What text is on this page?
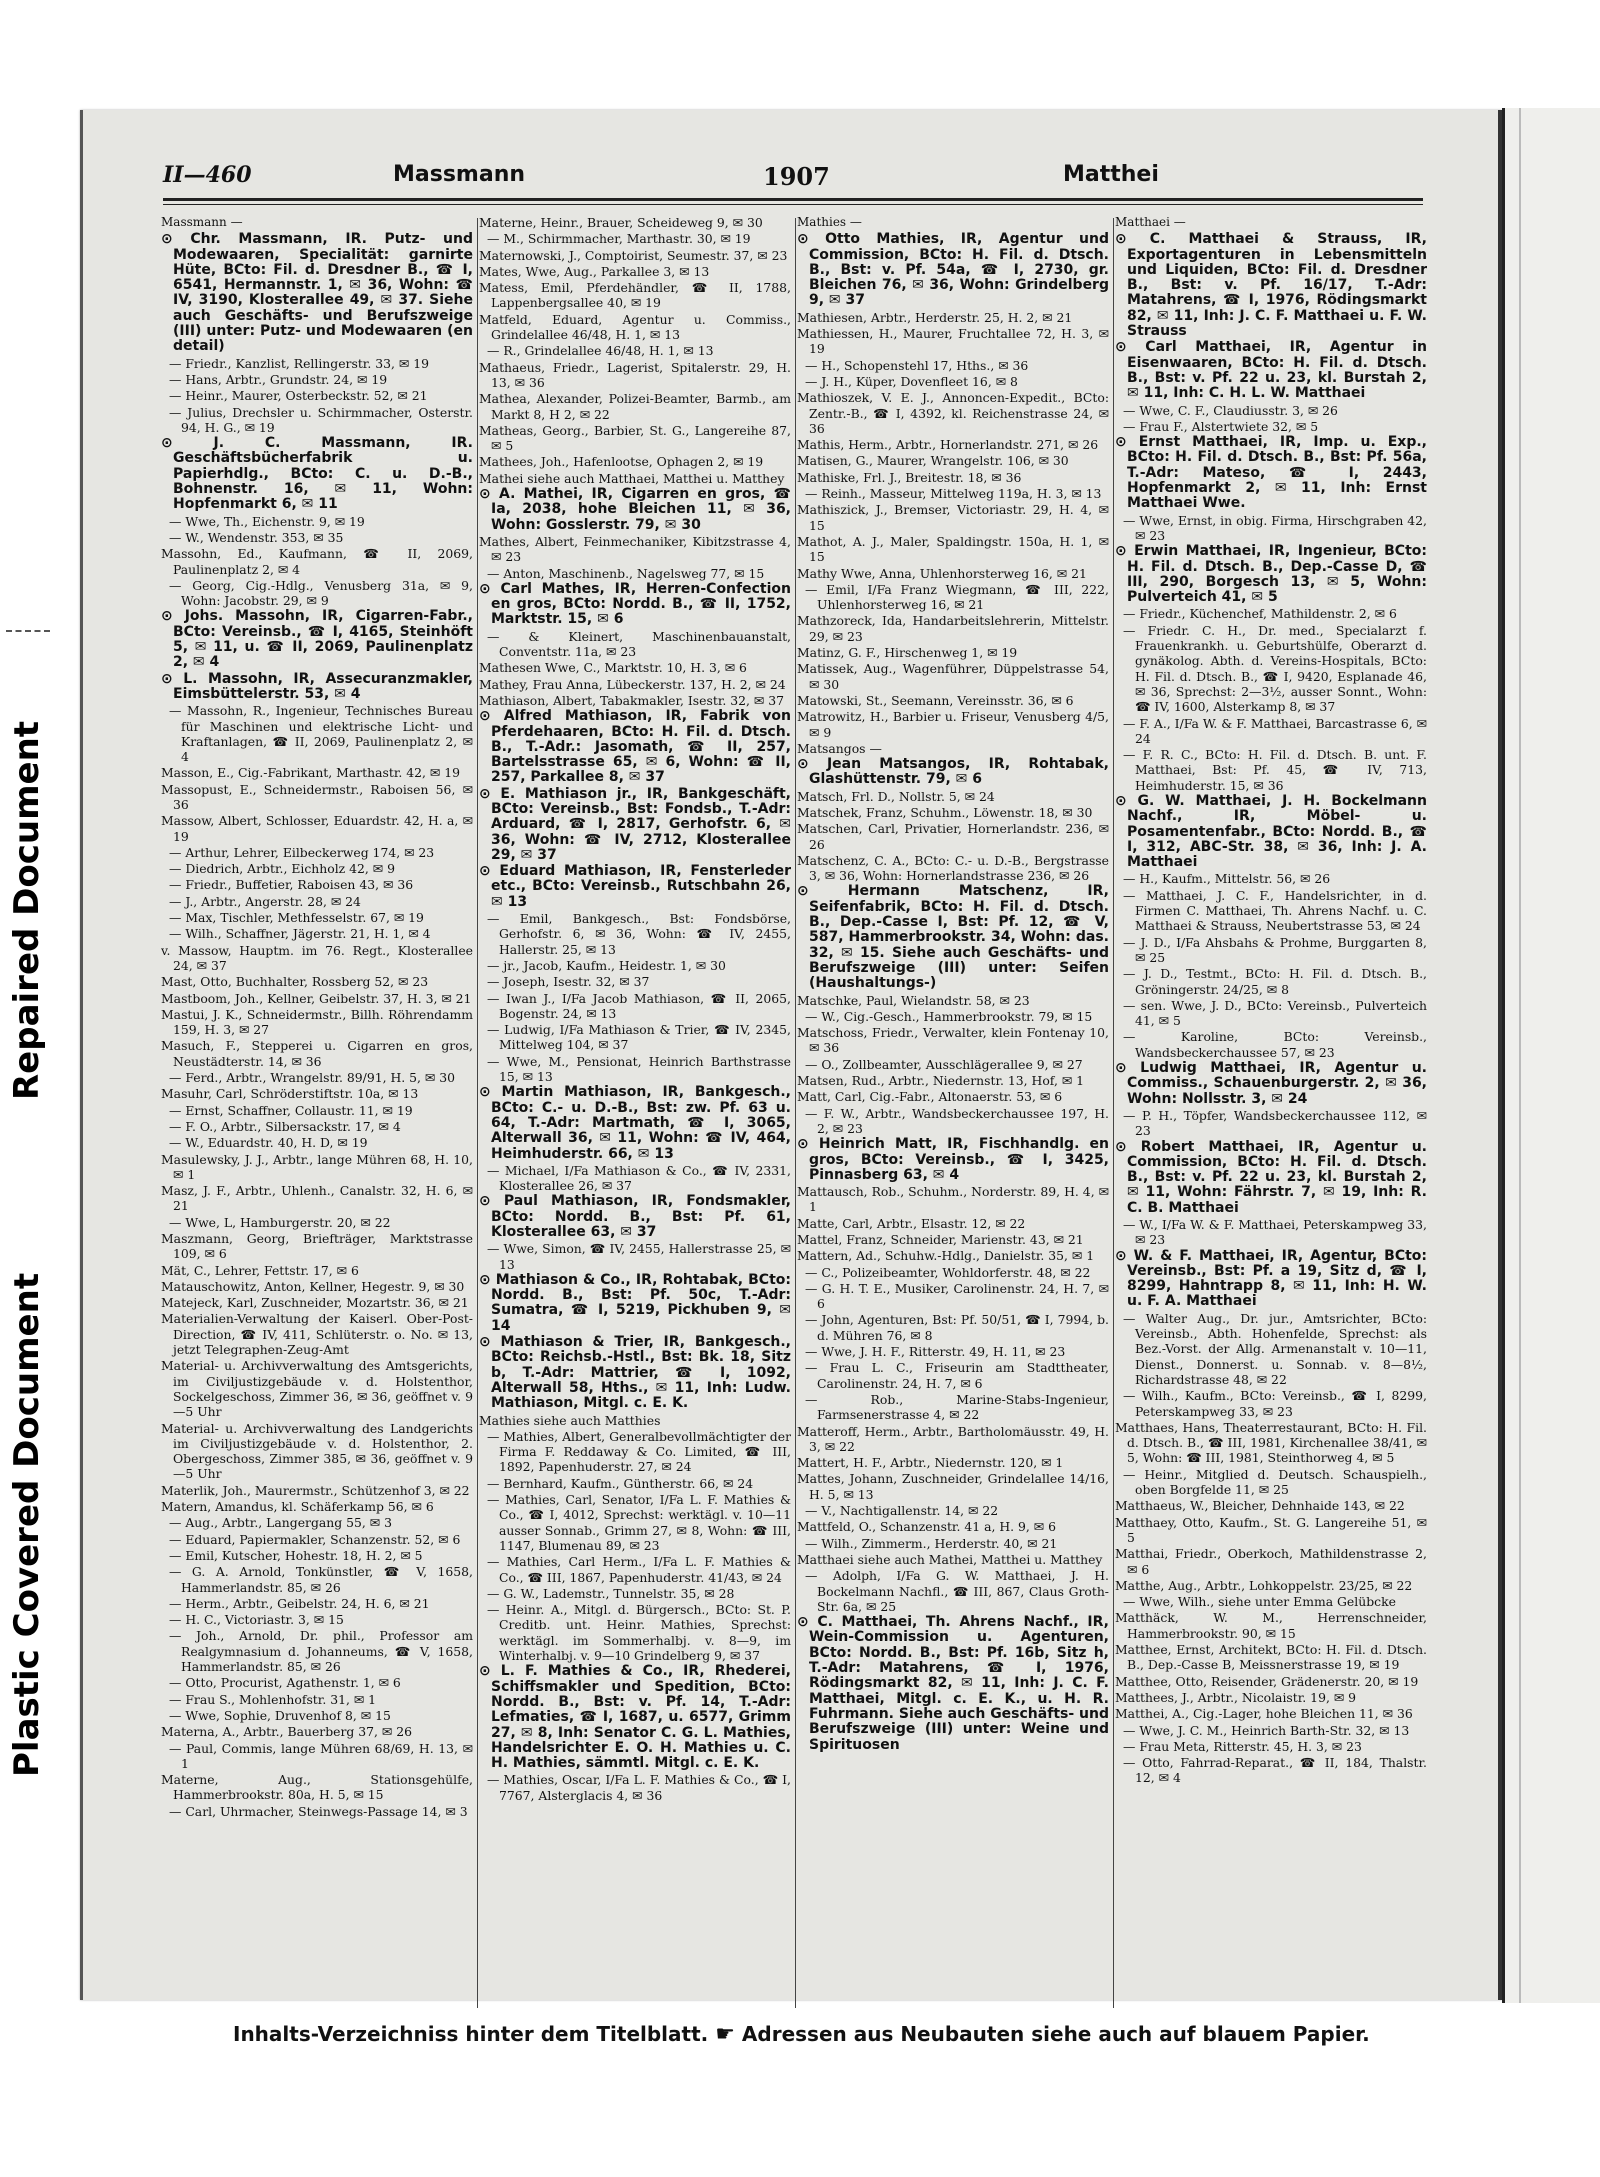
Repaired Document
Plastic Covered Document
II—460	Massmann	1907	Matthei
Massmann —
⊙ Chr. Massmann, IR. Putz- und Modewaaren, Specialität: garnirte Hüte, BCto: Fil. d. Dresdner B., ☎ I, 6541, Hermannstr. 1, ✉ 36, Wohn: ☎ IV, 3190, Klosterallee 49, ✉ 37. Siehe auch Geschäfts- und Berufszweige (III) unter: Putz- und Modewaaren (en detail)
— Friedr., Kanzlist, Rellingerstr. 33, ✉ 19
— Hans, Arbtr., Grundstr. 24, ✉ 19
— Heinr., Maurer, Osterbeckstr. 52, ✉ 21
— Julius, Drechsler u. Schirmmacher, Osterstr. 94, H. G., ✉ 19
⊙ J. C. Massmann, IR. Geschäftsbücherfabrik u. Papierhdlg., BCto: C. u. D.-B., Bohnenstr. 16, ✉ 11, Wohn: Hopfenmarkt 6, ✉ 11
— Wwe, Th., Eichenstr. 9, ✉ 19
— W., Wendenstr. 353, ✉ 35
Massohn, Ed., Kaufmann, ☎ II, 2069, Paulinenplatz 2, ✉ 4
— Georg, Cig.-Hdlg., Venusberg 31a, ✉ 9, Wohn: Jacobstr. 29, ✉ 9
⊙ Johs. Massohn, IR, Cigarren-Fabr., BCto: Vereinsb., ☎ I, 4165, Steinhöft 5, ✉ 11, u. ☎ II, 2069, Paulinenplatz 2, ✉ 4
⊙ L. Massohn, IR, Assecuranzmakler, Eimsbüttelerstr. 53, ✉ 4
— Massohn, R., Ingenieur, Technisches Bureau für Maschinen und elektrische Licht- und Kraftanlagen, ☎ II, 2069, Paulinenplatz 2, ✉ 4
Masson, E., Cig.-Fabrikant, Marthastr. 42, ✉ 19
Massopust, E., Schneidermstr., Raboisen 56, ✉ 36
Massow, Albert, Schlosser, Eduardstr. 42, H. a, ✉ 19
— Arthur, Lehrer, Eilbeckerweg 174, ✉ 23
— Diedrich, Arbtr., Eichholz 42, ✉ 9
— Friedr., Buffetier, Raboisen 43, ✉ 36
— J., Arbtr., Angerstr. 28, ✉ 24
— Max, Tischler, Methfesselstr. 67, ✉ 19
— Wilh., Schaffner, Jägerstr. 21, H. 1, ✉ 4
v. Massow, Hauptm. im 76. Regt., Klosterallee 24, ✉ 37
Mast, Otto, Buchhalter, Rossberg 52, ✉ 23
Mastboom, Joh., Kellner, Geibelstr. 37, H. 3, ✉ 21
Mastui, J. K., Schneidermstr., Billh. Röhrendamm 159, H. 3, ✉ 27
Masuch, F., Stepperei u. Cigarren en gros, Neustädterstr. 14, ✉ 36
— Ferd., Arbtr., Wrangelstr. 89/91, H. 5, ✉ 30
Masuhr, Carl, Schröderstiftstr. 10a, ✉ 13
— Ernst, Schaffner, Collaustr. 11, ✉ 19
— F. O., Arbtr., Silbersackstr. 17, ✉ 4
— W., Eduardstr. 40, H. D, ✉ 19
Masulewsky, J. J., Arbtr., lange Mühren 68, H. 10, ✉ 1
Masz, J. F., Arbtr., Uhlenh., Canalstr. 32, H. 6, ✉ 21
— Wwe, L, Hamburgerstr. 20, ✉ 22
Maszmann, Georg, Briefträger, Marktstrasse 109, ✉ 6
Mät, C., Lehrer, Fettstr. 17, ✉ 6
Matauschowitz, Anton, Kellner, Hegestr. 9, ✉ 30
Matejeck, Karl, Zuschneider, Mozartstr. 36, ✉ 21
Materialien-Verwaltung der Kaiserl. Ober-Post-Direction, ☎ IV, 411, Schlüterstr. o. No. ✉ 13, jetzt Telegraphen-Zeug-Amt
Material- u. Archivverwaltung des Amtsgerichts, im Civiljustizgebäude v. d. Holstenthor, Sockelgeschoss, Zimmer 36, ✉ 36, geöffnet v. 9—5 Uhr
Material- u. Archivverwaltung des Landgerichts im Civiljustizgebäude v. d. Holstenthor, 2. Obergeschoss, Zimmer 385, ✉ 36, geöffnet v. 9—5 Uhr
Materlik, Joh., Maurermstr., Schützenhof 3, ✉ 22
Matern, Amandus, kl. Schäferkamp 56, ✉ 6
— Aug., Arbtr., Langergang 55, ✉ 3
— Eduard, Papiermakler, Schanzenstr. 52, ✉ 6
— Emil, Kutscher, Hohestr. 18, H. 2, ✉ 5
— G. A. Arnold, Tonkünstler, ☎ V, 1658, Hammerlandstr. 85, ✉ 26
— Herm., Arbtr., Geibelstr. 24, H. 6, ✉ 21
— H. C., Victoriastr. 3, ✉ 15
— Joh., Arnold, Dr. phil., Professor am Realgymnasium d. Johanneums, ☎ V, 1658, Hammerlandstr. 85, ✉ 26
— Otto, Procurist, Agathenstr. 1, ✉ 6
— Frau S., Mohlenhofstr. 31, ✉ 1
— Wwe, Sophie, Druvenhof 8, ✉ 15
Materna, A., Arbtr., Bauerberg 37, ✉ 26
— Paul, Commis, lange Mühren 68/69, H. 13, ✉ 1
Materne, Aug., Stationsgehülfe, Hammerbrookstr. 80a, H. 5, ✉ 15
— Carl, Uhrmacher, Steinwegs-Passage 14, ✉ 3
Materne, Heinr., Brauer, Scheideweg 9, ✉ 30
— M., Schirmmacher, Marthastr. 30, ✉ 19
Maternowski, J., Comptoirist, Seumestr. 37, ✉ 23
Mates, Wwe, Aug., Parkallee 3, ✉ 13
Matess, Emil, Pferdehändler, ☎ II, 1788, Lappenbergsallee 40, ✉ 19
Matfeld, Eduard, Agentur u. Commiss., Grindelallee 46/48, H. 1, ✉ 13
— R., Grindelallee 46/48, H. 1, ✉ 13
Mathaeus, Friedr., Lagerist, Spitalerstr. 29, H. 13, ✉ 36
Mathea, Alexander, Polizei-Beamter, Barmb., am Markt 8, H 2, ✉ 22
Matheas, Georg., Barbier, St. G., Langereihe 87, ✉ 5
Mathees, Joh., Hafenlootse, Ophagen 2, ✉ 19
Mathei siehe auch Matthaei, Matthei u. Matthey
⊙ A. Mathei, IR, Cigarren en gros, ☎ Ia, 2038, hohe Bleichen 11, ✉ 36, Wohn: Gosslerstr. 79, ✉ 30
Mathes, Albert, Feinmechaniker, Kibitzstrasse 4, ✉ 23
— Anton, Maschinenb., Nagelsweg 77, ✉ 15
⊙ Carl Mathes, IR, Herren-Confection en gros, BCto: Nordd. B., ☎ II, 1752, Marktstr. 15, ✉ 6
— & Kleinert, Maschinenbauanstalt, Conventstr. 11a, ✉ 23
Mathesen Wwe, C., Marktstr. 10, H. 3, ✉ 6
Mathey, Frau Anna, Lübeckerstr. 137, H. 2, ✉ 24
Mathiason, Albert, Tabakmakler, Isestr. 32, ✉ 37
⊙ Alfred Mathiason, IR, Fabrik von Pferdehaaren, BCto: H. Fil. d. Dtsch. B., T.-Adr.: Jasomath, ☎ II, 257, Bartelsstrasse 65, ✉ 6, Wohn: ☎ II, 257, Parkallee 8, ✉ 37
⊙ E. Mathiason jr., IR, Bankgeschäft, BCto: Vereinsb., Bst: Fondsb., T.-Adr: Arduard, ☎ I, 2817, Gerhofstr. 6, ✉ 36, Wohn: ☎ IV, 2712, Klosterallee 29, ✉ 37
⊙ Eduard Mathiason, IR, Fensterleder etc., BCto: Vereinsb., Rutschbahn 26, ✉ 13
— Emil, Bankgesch., Bst: Fondsbörse, Gerhofstr. 6, ✉ 36, Wohn: ☎ IV, 2455, Hallerstr. 25, ✉ 13
— jr., Jacob, Kaufm., Heidestr. 1, ✉ 30
— Joseph, Isestr. 32, ✉ 37
— Iwan J., I/Fa Jacob Mathiason, ☎ II, 2065, Bogenstr. 24, ✉ 13
— Ludwig, I/Fa Mathiason & Trier, ☎ IV, 2345, Mittelweg 104, ✉ 37
— Wwe, M., Pensionat, Heinrich Barthstrasse 15, ✉ 13
⊙ Martin Mathiason, IR, Bankgesch., BCto: C.- u. D.-B., Bst: zw. Pf. 63 u. 64, T.-Adr: Martmath, ☎ I, 3065, Alterwall 36, ✉ 11, Wohn: ☎ IV, 464, Heimhuderstr. 66, ✉ 13
— Michael, I/Fa Mathiason & Co., ☎ IV, 2331, Klosterallee 26, ✉ 37
⊙ Paul Mathiason, IR, Fondsmakler, BCto: Nordd. B., Bst: Pf. 61, Klosterallee 63, ✉ 37
— Wwe, Simon, ☎ IV, 2455, Hallerstrasse 25, ✉ 13
⊙ Mathiason & Co., IR, Rohtabak, BCto: Nordd. B., Bst: Pf. 50c, T.-Adr: Sumatra, ☎ I, 5219, Pickhuben 9, ✉ 14
⊙ Mathiason & Trier, IR, Bankgesch., BCto: Reichsb.-Hstl., Bst: Bk. 18, Sitz b, T.-Adr: Mattrier, ☎ I, 1092, Alterwall 58, Hths., ✉ 11, Inh: Ludw. Mathiason, Mitgl. c. E. K.
Mathies siehe auch Matthies
— Mathies, Albert, Generalbevollmächtigter der Firma F. Reddaway & Co. Limited, ☎ III, 1892, Papenhuderstr. 27, ✉ 24
— Bernhard, Kaufm., Güntherstr. 66, ✉ 24
— Mathies, Carl, Senator, I/Fa L. F. Mathies & Co., ☎ I, 4012, Sprechst: werktägl. v. 10—11 ausser Sonnab., Grimm 27, ✉ 8, Wohn: ☎ III, 1147, Blumenau 89, ✉ 23
— Mathies, Carl Herm., I/Fa L. F. Mathies & Co., ☎ III, 1867, Papenhuderstr. 41/43, ✉ 24
— G. W., Lademstr., Tunnelstr. 35, ✉ 28
— Heinr. A., Mitgl. d. Bürgersch., BCto: St. P. Creditb. unt. Heinr. Mathies, Sprechst: werktägl. im Sommerhalbj. v. 8—9, im Winterhalbj. v. 9—10 Grindelberg 9, ✉ 37
⊙ L. F. Mathies & Co., IR, Rhederei, Schiffsmakler und Spedition, BCto: Nordd. B., Bst: v. Pf. 14, T.-Adr: Lefmaties, ☎ I, 1687, u. 6577, Grimm 27, ✉ 8, Inh: Senator C. G. L. Mathies, Handelsrichter E. O. H. Mathies u. C. H. Mathies, sämmtl. Mitgl. c. E. K.
— Mathies, Oscar, I/Fa L. F. Mathies & Co., ☎ I, 7767, Alsterglacis 4, ✉ 36
Mathies —
⊙ Otto Mathies, IR, Agentur und Commission, BCto: H. Fil. d. Dtsch. B., Bst: v. Pf. 54a, ☎ I, 2730, gr. Bleichen 76, ✉ 36, Wohn: Grindelberg 9, ✉ 37
Mathiesen, Arbtr., Herderstr. 25, H. 2, ✉ 21
Mathiessen, H., Maurer, Fruchtallee 72, H. 3, ✉ 19
— H., Schopenstehl 17, Hths., ✉ 36
— J. H., Küper, Dovenfleet 16, ✉ 8
Mathioszek, V. E. J., Annoncen-Expedit., BCto: Zentr.-B., ☎ I, 4392, kl. Reichenstrasse 24, ✉ 36
Mathis, Herm., Arbtr., Hornerlandstr. 271, ✉ 26
Matisen, G., Maurer, Wrangelstr. 106, ✉ 30
Mathiske, Frl. J., Breitestr. 18, ✉ 36
— Reinh., Masseur, Mittelweg 119a, H. 3, ✉ 13
Mathiszick, J., Bremser, Victoriastr. 29, H. 4, ✉ 15
Mathot, A. J., Maler, Spaldingstr. 150a, H. 1, ✉ 15
Mathy Wwe, Anna, Uhlenhorsterweg 16, ✉ 21
— Emil, I/Fa Franz Wiegmann, ☎ III, 222, Uhlenhorsterweg 16, ✉ 21
Mathzoreck, Ida, Handarbeitslehrerin, Mittelstr. 29, ✉ 23
Matinz, G. F., Hirschenweg 1, ✉ 19
Matissek, Aug., Wagenführer, Düppelstrasse 54, ✉ 30
Matowski, St., Seemann, Vereinsstr. 36, ✉ 6
Matrowitz, H., Barbier u. Friseur, Venusberg 4/5, ✉ 9
Matsangos —
⊙ Jean Matsangos, IR, Rohtabak, Glashüttenstr. 79, ✉ 6
Matsch, Frl. D., Nollstr. 5, ✉ 24
Matschek, Franz, Schuhm., Löwenstr. 18, ✉ 30
Matschen, Carl, Privatier, Hornerlandstr. 236, ✉ 26
Matschenz, C. A., BCto: C.- u. D.-B., Bergstrasse 3, ✉ 36, Wohn: Hornerlandstrasse 236, ✉ 26
⊙ Hermann Matschenz, IR, Seifenfabrik, BCto: H. Fil. d. Dtsch. B., Dep.-Casse I, Bst: Pf. 12, ☎ V, 587, Hammerbrookstr. 34, Wohn: das. 32, ✉ 15. Siehe auch Geschäfts- und Berufszweige (III) unter: Seifen (Haushaltungs-)
Matschke, Paul, Wielandstr. 58, ✉ 23
— W., Cig.-Gesch., Hammerbrookstr. 79, ✉ 15
Matschoss, Friedr., Verwalter, klein Fontenay 10, ✉ 36
— O., Zollbeamter, Ausschlägerallee 9, ✉ 27
Matsen, Rud., Arbtr., Niedernstr. 13, Hof, ✉ 1
Matt, Carl, Cig.-Fabr., Altonaerstr. 53, ✉ 6
— F. W., Arbtr., Wandsbeckerchaussee 197, H. 2, ✉ 23
⊙ Heinrich Matt, IR, Fischhandlg. en gros, BCto: Vereinsb., ☎ I, 3425, Pinnasberg 63, ✉ 4
Mattausch, Rob., Schuhm., Norderstr. 89, H. 4, ✉ 1
Matte, Carl, Arbtr., Elsastr. 12, ✉ 22
Mattel, Franz, Schneider, Marienstr. 43, ✉ 21
Mattern, Ad., Schuhw.-Hdlg., Danielstr. 35, ✉ 1
— C., Polizeibeamter, Wohldorferstr. 48, ✉ 22
— G. H. T. E., Musiker, Carolinenstr. 24, H. 7, ✉ 6
— John, Agenturen, Bst: Pf. 50/51, ☎ I, 7994, b. d. Mühren 76, ✉ 8
— Wwe, J. H. F., Ritterstr. 49, H. 11, ✉ 23
— Frau L. C., Friseurin am Stadttheater, Carolinenstr. 24, H. 7, ✉ 6
— Rob., Marine-Stabs-Ingenieur, Farmsenerstrasse 4, ✉ 22
Matteroff, Herm., Arbtr., Bartholomäusstr. 49, H. 3, ✉ 22
Mattert, H. F., Arbtr., Niedernstr. 120, ✉ 1
Mattes, Johann, Zuschneider, Grindelallee 14/16, H. 5, ✉ 13
— V., Nachtigallenstr. 14, ✉ 22
Mattfeld, O., Schanzenstr. 41 a, H. 9, ✉ 6
— Wilh., Zimmerm., Herderstr. 40, ✉ 21
Matthaei siehe auch Mathei, Matthei u. Matthey
— Adolph, I/Fa G. W. Matthaei, J. H. Bockelmann Nachfl., ☎ III, 867, Claus Groth-Str. 6a, ✉ 25
⊙ C. Matthaei, Th. Ahrens Nachf., IR, Wein-Commission u. Agenturen, BCto: Nordd. B., Bst: Pf. 16b, Sitz h, T.-Adr: Matahrens, ☎ I, 1976, Rödingsmarkt 82, ✉ 11, Inh: J. C. F. Matthaei, Mitgl. c. E. K., u. H. R. Fuhrmann. Siehe auch Geschäfts- und Berufszweige (III) unter: Weine und Spirituosen
Matthaei —
⊙ C. Matthaei & Strauss, IR, Exportagenturen in Lebensmitteln und Liquiden, BCto: Fil. d. Dresdner B., Bst: v. Pf. 16/17, T.-Adr: Matahrens, ☎ I, 1976, Rödingsmarkt 82, ✉ 11, Inh: J. C. F. Matthaei u. F. W. Strauss
⊙ Carl Matthaei, IR, Agentur in Eisenwaaren, BCto: H. Fil. d. Dtsch. B., Bst: v. Pf. 22 u. 23, kl. Burstah 2, ✉ 11, Inh: C. H. L. W. Matthaei
— Wwe, C. F., Claudiusstr. 3, ✉ 26
— Frau F., Alstertwiete 32, ✉ 5
⊙ Ernst Matthaei, IR, Imp. u. Exp., BCto: H. Fil. d. Dtsch. B., Bst: Pf. 56a, T.-Adr: Mateso, ☎ I, 2443, Hopfenmarkt 2, ✉ 11, Inh: Ernst Matthaei Wwe.
— Wwe, Ernst, in obig. Firma, Hirschgraben 42, ✉ 23
⊙ Erwin Matthaei, IR, Ingenieur, BCto: H. Fil. d. Dtsch. B., Dep.-Casse D, ☎ III, 290, Borgesch 13, ✉ 5, Wohn: Pulverteich 41, ✉ 5
— Friedr., Küchenchef, Mathildenstr. 2, ✉ 6
— Friedr. C. H., Dr. med., Specialarzt f. Frauenkrankh. u. Geburtshülfe, Oberarzt d. gynäkolog. Abth. d. Vereins-Hospitals, BCto: H. Fil. d. Dtsch. B., ☎ I, 9420, Esplanade 46, ✉ 36, Sprechst: 2—3½, ausser Sonnt., Wohn: ☎ IV, 1600, Alsterkamp 8, ✉ 37
— F. A., I/Fa W. & F. Matthaei, Barcastrasse 6, ✉ 24
— F. R. C., BCto: H. Fil. d. Dtsch. B. unt. F. Matthaei, Bst: Pf. 45, ☎ IV, 713, Heimhuderstr. 15, ✉ 36
⊙ G. W. Matthaei, J. H. Bockelmann Nachf., IR, Möbel- u. Posamentenfabr., BCto: Nordd. B., ☎ I, 312, ABC-Str. 38, ✉ 36, Inh: J. A. Matthaei
— H., Kaufm., Mittelstr. 56, ✉ 26
— Matthaei, J. C. F., Handelsrichter, in d. Firmen C. Matthaei, Th. Ahrens Nachf. u. C. Matthaei & Strauss, Neubertstrasse 53, ✉ 24
— J. D., I/Fa Ahsbahs & Prohme, Burggarten 8, ✉ 25
— J. D., Testmt., BCto: H. Fil. d. Dtsch. B., Gröningerstr. 24/25, ✉ 8
— sen. Wwe, J. D., BCto: Vereinsb., Pulverteich 41, ✉ 5
— Karoline, BCto: Vereinsb., Wandsbeckerchaussee 57, ✉ 23
⊙ Ludwig Matthaei, IR, Agentur u. Commiss., Schauenburgerstr. 2, ✉ 36, Wohn: Nollsstr. 3, ✉ 24
— P. H., Töpfer, Wandsbeckerchaussee 112, ✉ 23
⊙ Robert Matthaei, IR, Agentur u. Commission, BCto: H. Fil. d. Dtsch. B., Bst: v. Pf. 22 u. 23, kl. Burstah 2, ✉ 11, Wohn: Fährstr. 7, ✉ 19, Inh: R. C. B. Matthaei
— W., I/Fa W. & F. Matthaei, Peterskampweg 33, ✉ 23
⊙ W. & F. Matthaei, IR, Agentur, BCto: Vereinsb., Bst: Pf. a 19, Sitz d, ☎ I, 8299, Hahntrapp 8, ✉ 11, Inh: H. W. u. F. A. Matthaei
— Walter Aug., Dr. jur., Amtsrichter, BCto: Vereinsb., Abth. Hohenfelde, Sprechst: als Bez.-Vorst. der Allg. Armenanstalt v. 10—11, Dienst., Donnerst. u. Sonnab. v. 8—8½, Richardstrasse 48, ✉ 22
— Wilh., Kaufm., BCto: Vereinsb., ☎ I, 8299, Peterskampweg 33, ✉ 23
Matthaes, Hans, Theaterrestaurant, BCto: H. Fil. d. Dtsch. B., ☎ III, 1981, Kirchenallee 38/41, ✉ 5, Wohn: ☎ III, 1981, Steinthorweg 4, ✉ 5
— Heinr., Mitglied d. Deutsch. Schauspielh., oben Borgfelde 11, ✉ 25
Matthaeus, W., Bleicher, Dehnhaide 143, ✉ 22
Matthaey, Otto, Kaufm., St. G. Langereihe 51, ✉ 5
Matthai, Friedr., Oberkoch, Mathildenstrasse 2, ✉ 6
Matthe, Aug., Arbtr., Lohkoppelstr. 23/25, ✉ 22
— Wwe, Wilh., siehe unter Emma Gelübcke
Matthäck, W. M., Herrenschneider, Hammerbrookstr. 90, ✉ 15
Matthee, Ernst, Architekt, BCto: H. Fil. d. Dtsch. B., Dep.-Casse B, Meissnerstrasse 19, ✉ 19
Matthee, Otto, Reisender, Grädenerstr. 20, ✉ 19
Matthees, J., Arbtr., Nicolaistr. 19, ✉ 9
Matthei, A., Cig.-Lager, hohe Bleichen 11, ✉ 36
— Wwe, J. C. M., Heinrich Barth-Str. 32, ✉ 13
— Frau Meta, Ritterstr. 45, H. 3, ✉ 23
— Otto, Fahrrad-Reparat., ☎ II, 184, Thalstr. 12, ✉ 4
Inhalts-Verzeichniss hinter dem Titelblatt. ☛ Adressen aus Neubauten siehe auch auf blauem Papier.
